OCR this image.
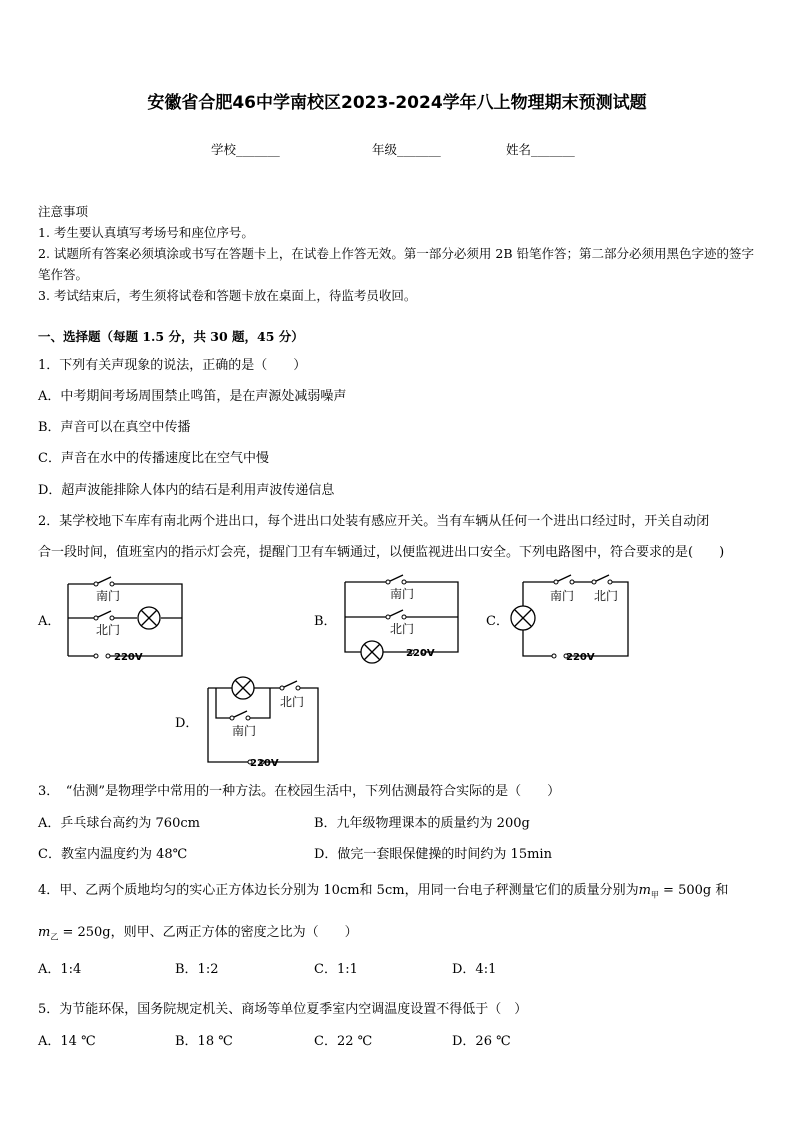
安徽省合肥46中学南校区2023-2024学年八上物理期末预测试题
学校_______	年级_______	姓名_______
注意事项
1. 考生要认真填写考场号和座位序号。
2. 试题所有答案必须填涂或书写在答题卡上，在试卷上作答无效。第一部分必须用 2B 铅笔作答；第二部分必须用黑色字迹的签字笔作答。
3. 考试结束后，考生须将试卷和答题卡放在桌面上，待监考员收回。
一、选择题（每题 1.5 分，共 30 题，45 分）
1．下列有关声现象的说法，正确的是（　　）
A．中考期间考场周围禁止鸣笛，是在声源处减弱噪声
B．声音可以在真空中传播
C．声音在水中的传播速度比在空气中慢
D．超声波能排除人体内的结石是利用声波传递信息
2．某学校地下车库有南北两个进出口，每个进出口处装有感应开关。当有车辆从任何一个进出口经过时，开关自动闭
合一段时间，值班室内的指示灯会亮，提醒门卫有车辆通过，以便监视进出口安全。下列电路图中，符合要求的是(　　)
A．
南门
北门
220V
B．
南门
北门
220V
C．
南门 北门
220V
D．
北门
南门
220V
3．　“估测”是物理学中常用的一种方法。在校园生活中，下列估测最符合实际的是（　　）
A．乒乓球台高约为 760cm	B．九年级物理课本的质量约为 200g
C．教室内温度约为 48℃	D．做完一套眼保健操的时间约为 15min
4．甲、乙两个质地均匀的实心正方体边长分别为 10cm和 5cm，用同一台电子秤测量它们的质量分别为$m_甲 = 500g$ 和
$m_乙 = 250g$，则甲、乙两正方体的密度之比为（　　）
A．1:4	B．1:2	C．1:1	D．4:1
5．为节能环保，国务院规定机关、商场等单位夏季室内空调温度设置不得低于（　）
A．14 ℃	B．18 ℃	C．22 ℃	D．26 ℃
